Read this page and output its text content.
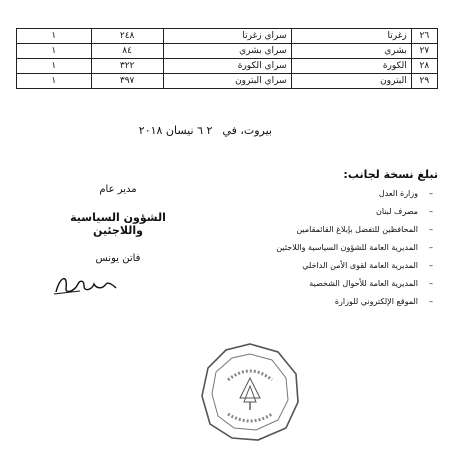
١	٢٤٨	سراي زغرتا	زغرتا	٢٦
١	٨٤	سراي بشري	بشري	٢٧
١	٣٢٢	سراي الكورة	الكورة	٢٨
١	٣٩٧	سراي البترون	البترون	٢٩
بيروت، في
٢ ٦ نيسان ٢٠١٨
تبلغ نسخة لجانب:
–
وزارة العدل
–
مصرف لبنان
–
المحافظين للتفضل بإبلاغ القائمقامين
–
المديرية العامة للشؤون السياسية واللاجئين
–
المديرية العامة لقوى الأمن الداخلي
–
المديرية العامة للأحوال الشخصية
–
الموقع الإلكتروني للوزارة
مدير عام
الشؤون السياسية واللاجئين
فاتن يونس
